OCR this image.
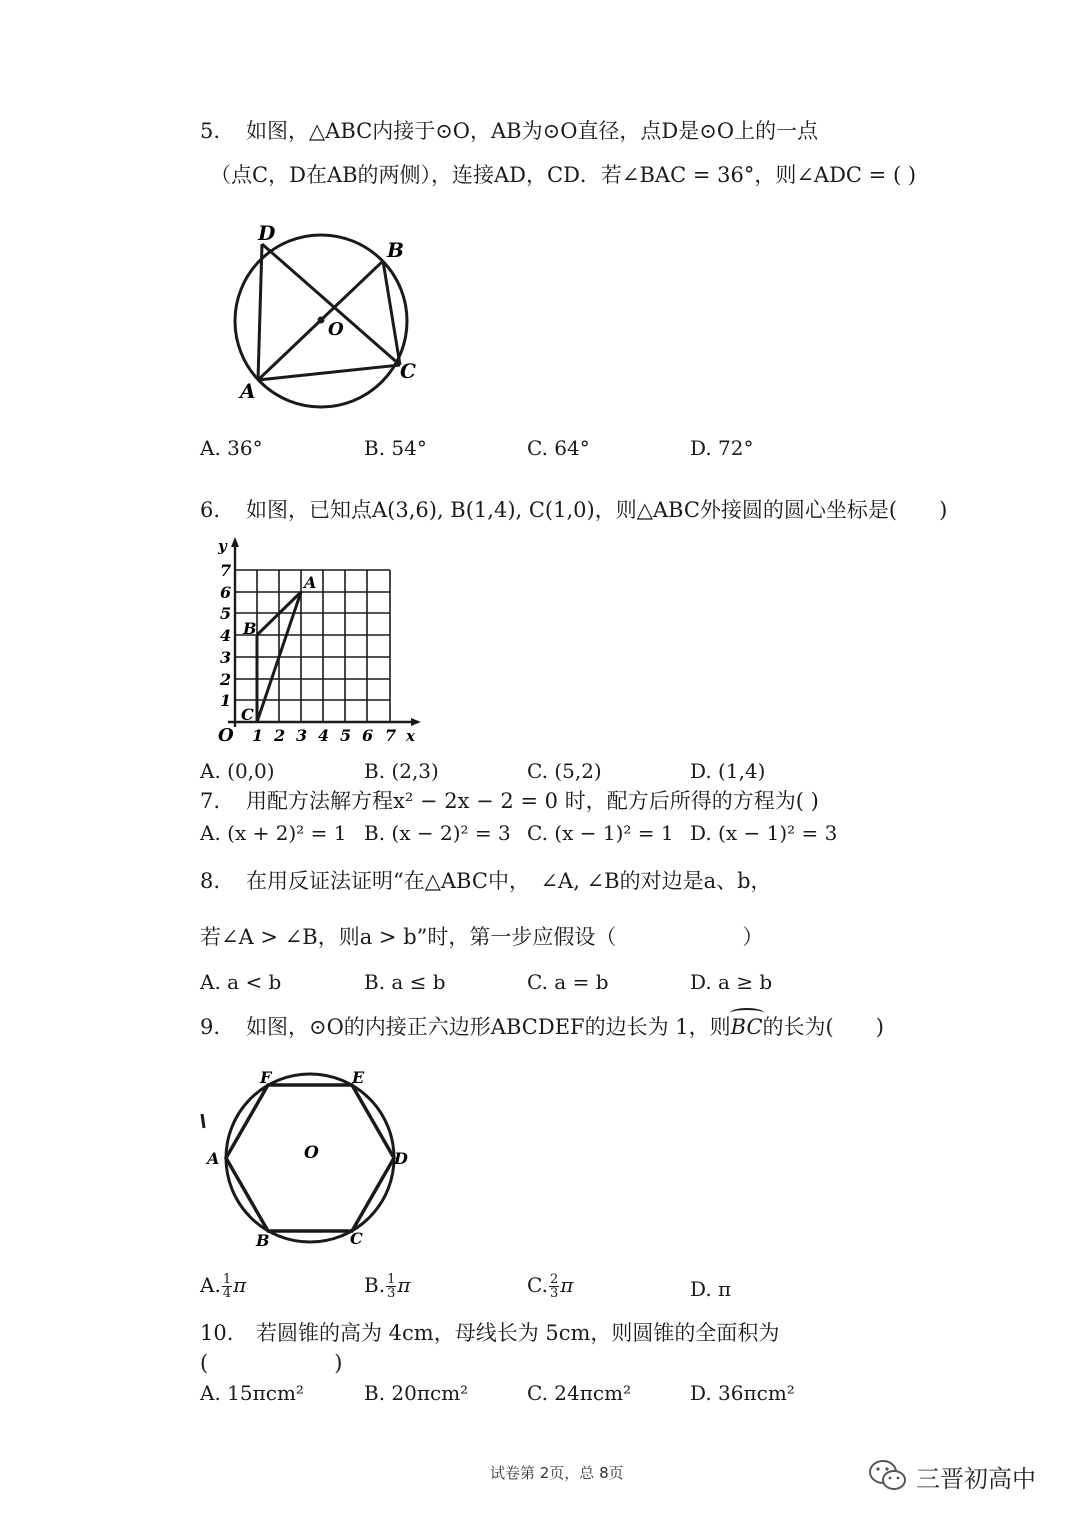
5. 如图，△ABC内接于⊙O，AB为⊙O直径，点D是⊙O上的一点
（点C，D在AB的两侧），连接AD，CD．若∠BAC = 36°，则∠ADC = ( )
D
B
O
C
A
A. 36°	B. 54°	C. 64°	D. 72°
6. 如图，已知点A(3,6), B(1,4), C(1,0)，则△ABC外接圆的圆心坐标是(　　)
y
x
O
A
B
C
1
2
3
4
5
6
7
1 2 3 4 5 6 7
A. (0,0)	B. (2,3)	C. (5,2)	D. (1,4)
7. 用配方法解方程x² − 2x − 2 = 0 时，配方后所得的方程为( )
A. (x + 2)² = 1 B. (x − 2)² = 3 C. (x − 1)² = 1 D. (x − 1)² = 3
8. 在用反证法证明“在△ABC中，　∠A, ∠B的对边是a、b，
若∠A > ∠B，则a > b”时，第一步应假设（　　　　　　）
A. a < b	B. a ≤ b	C. a = b	D. a ≥ b
9. 如图，⊙O的内接正六边形ABCDEF的边长为 1，则
BC的长为(　　)
F	E
A	D
B	C
O
A. $\frac{1}{4}$ π	B. $\frac{1}{3}$ π	C. $\frac{2}{3}$ π	D. π
10. 若圆锥的高为 4cm，母线长为 5cm，则圆锥的全面积为
(　　　　　　)
A. 15πcm²	B. 20πcm²	C. 24πcm²	D. 36πcm²
试卷第 2页，总 8页	三晋初高中
